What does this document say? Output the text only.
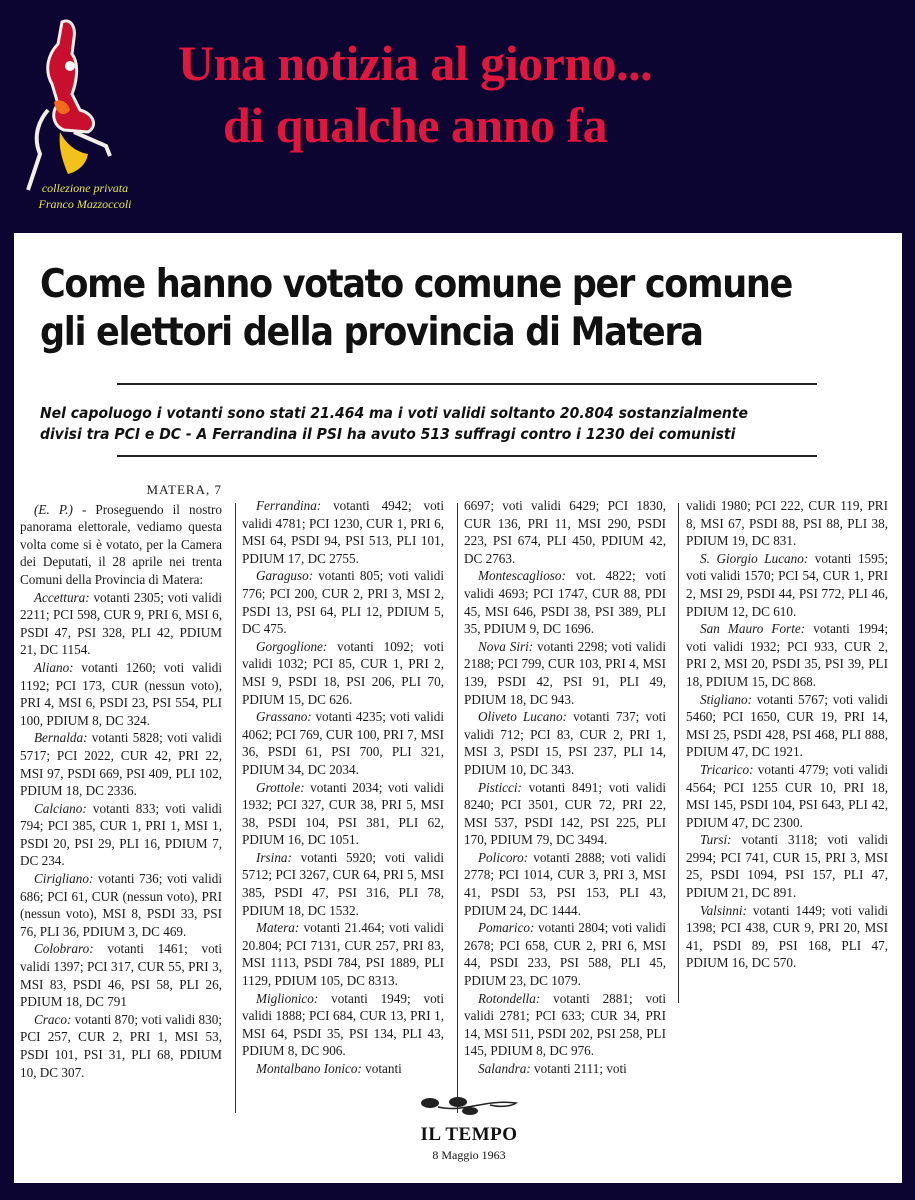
collezione privata
Franco Mazzoccoli
Una notizia al giorno...
di qualche anno fa
Come hanno votato comune per comune
gli elettori della provincia di Matera
Nel capoluogo i votanti sono stati 21.464 ma i voti validi soltanto 20.804 sostanzialmente
divisi tra PCI e DC - A Ferrandina il PSI ha avuto 513 suffragi contro i 1230 dei comunisti
MATERA, 7

(E. P.) - Proseguendo il nostro panorama elettorale, vediamo questa volta come si è votato, per la Camera dei Deputati, il 28 aprile nei trenta Comuni della Provincia di Matera:

Accettura: votanti 2305; voti validi 2211; PCI 598, CUR 9, PRI 6, MSI 6, PSDI 47, PSI 328, PLI 42, PDIUM 21, DC 1154.

Aliano: votanti 1260; voti validi 1192; PCI 173, CUR (nessun voto), PRI 4, MSI 6, PSDI 23, PSI 554, PLI 100, PDIUM 8, DC 324.

Bernalda: votanti 5828; voti validi 5717; PCI 2022, CUR 42, PRI 22, MSI 97, PSDI 669, PSI 409, PLI 102, PDIUM 18, DC 2336.

Calciano: votanti 833; voti validi 794; PCI 385, CUR 1, PRI 1, MSI 1, PSDI 20, PSI 29, PLI 16, PDIUM 7, DC 234.

Cirigliano: votanti 736; voti validi 686; PCI 61, CUR (nessun voto), PRI (nessun voto), MSI 8, PSDI 33, PSI 76, PLI 36, PDIUM 3, DC 469.

Colobraro: votanti 1461; voti validi 1397; PCI 317, CUR 55, PRI 3, MSI 83, PSDI 46, PSI 58, PLI 26, PDIUM 18, DC 791

Craco: votanti 870; voti validi 830; PCI 257, CUR 2, PRI 1, MSI 53, PSDI 101, PSI 31, PLI 68, PDIUM 10, DC 307.

Ferrandina: votanti 4942; voti validi 4781; PCI 1230, CUR 1, PRI 6, MSI 64, PSDI 94, PSI 513, PLI 101, PDIUM 17, DC 2755.

Garaguso: votanti 805; voti validi 776; PCI 200, CUR 2, PRI 3, MSI 2, PSDI 13, PSI 64, PLI 12, PDIUM 5, DC 475.

Gorgoglione: votanti 1092; voti validi 1032; PCI 85, CUR 1, PRI 2, MSI 9, PSDI 18, PSI 206, PLI 70, PDIUM 15, DC 626.

Grassano: votanti 4235; voti validi 4062; PCI 769, CUR 100, PRI 7, MSI 36, PSDI 61, PSI 700, PLI 321, PDIUM 34, DC 2034.

Grottole: votanti 2034; voti validi 1932; PCI 327, CUR 38, PRI 5, MSI 38, PSDI 104, PSI 381, PLI 62, PDIUM 16, DC 1051.

Irsina: votanti 5920; voti validi 5712; PCI 3267, CUR 64, PRI 5, MSI 385, PSDI 47, PSI 316, PLI 78, PDIUM 18, DC 1532.

Matera: votanti 21.464; voti validi 20.804; PCI 7131, CUR 257, PRI 83, MSI 1113, PSDI 784, PSI 1889, PLI 1129, PDIUM 105, DC 8313.

Miglionico: votanti 1949; voti validi 1888; PCI 684, CUR 13, PRI 1, MSI 64, PSDI 35, PSI 134, PLI 43, PDIUM 8, DC 906.

Montalbano Ionico: votanti

6697; voti validi 6429; PCI 1830, CUR 136, PRI 11, MSI 290, PSDI 223, PSI 674, PLI 450, PDIUM 42, DC 2763.

Montescaglioso: vot. 4822; voti validi 4693; PCI 1747, CUR 88, PDI 45, MSI 646, PSDI 38, PSI 389, PLI 35, PDIUM 9, DC 1696.

Nova Siri: votanti 2298; voti validi 2188; PCI 799, CUR 103, PRI 4, MSI 139, PSDI 42, PSI 91, PLI 49, PDIUM 18, DC 943.

Oliveto Lucano: votanti 737; voti validi 712; PCI 83, CUR 2, PRI 1, MSI 3, PSDI 15, PSI 237, PLI 14, PDIUM 10, DC 343.

Pisticci: votanti 8491; voti validi 8240; PCI 3501, CUR 72, PRI 22, MSI 537, PSDI 142, PSI 225, PLI 170, PDIUM 79, DC 3494.

Policoro: votanti 2888; voti validi 2778; PCI 1014, CUR 3, PRI 3, MSI 41, PSDI 53, PSI 153, PLI 43, PDIUM 24, DC 1444.

Pomarico: votanti 2804; voti validi 2678; PCI 658, CUR 2, PRI 6, MSI 44, PSDI 233, PSI 588, PLI 45, PDIUM 23, DC 1079.

Rotondella: votanti 2881; voti validi 2781; PCI 633; CUR 34, PRI 14, MSI 511, PSDI 202, PSI 258, PLI 145, PDIUM 8, DC 976.

Salandra: votanti 2111; voti

validi 1980; PCI 222, CUR 119, PRI 8, MSI 67, PSDI 88, PSI 88, PLI 38, PDIUM 19, DC 831.

S. Giorgio Lucano: votanti 1595; voti validi 1570; PCI 54, CUR 1, PRI 2, MSI 29, PSDI 44, PSI 772, PLI 46, PDIUM 12, DC 610.

San Mauro Forte: votanti 1994; voti validi 1932; PCI 933, CUR 2, PRI 2, MSI 20, PSDI 35, PSI 39, PLI 18, PDIUM 15, DC 868.

Stigliano: votanti 5767; voti validi 5460; PCI 1650, CUR 19, PRI 14, MSI 25, PSDI 428, PSI 468, PLI 888, PDIUM 47, DC 1921.

Tricarico: votanti 4779; voti validi 4564; PCI 1255 CUR 10, PRI 18, MSI 145, PSDI 104, PSI 643, PLI 42, PDIUM 47, DC 2300.

Tursi: votanti 3118; voti validi 2994; PCI 741, CUR 15, PRI 3, MSI 25, PSDI 1094, PSI 157, PLI 47, PDIUM 21, DC 891.

Valsinni: votanti 1449; voti validi 1398; PCI 438, CUR 9, PRI 20, MSI 41, PSDI 89, PSI 168, PLI 47, PDIUM 16, DC 570.

IL TEMPO
8 Maggio 1963
